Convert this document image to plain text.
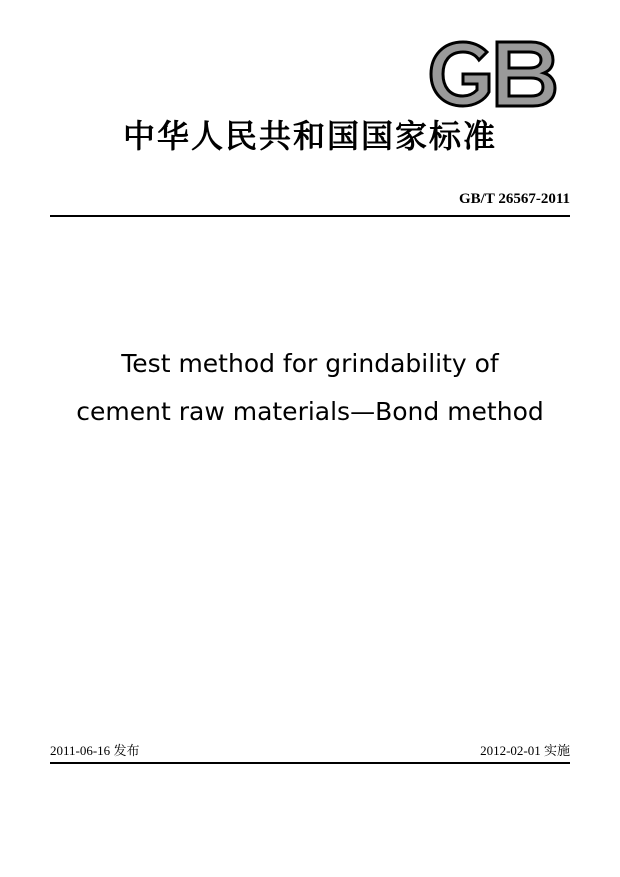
中华人民共和国国家标准
GB/T 26567-2011
Test method for grindability of
cement raw materials—Bond method
2011-06-16 发布	2012-02-01 实施
